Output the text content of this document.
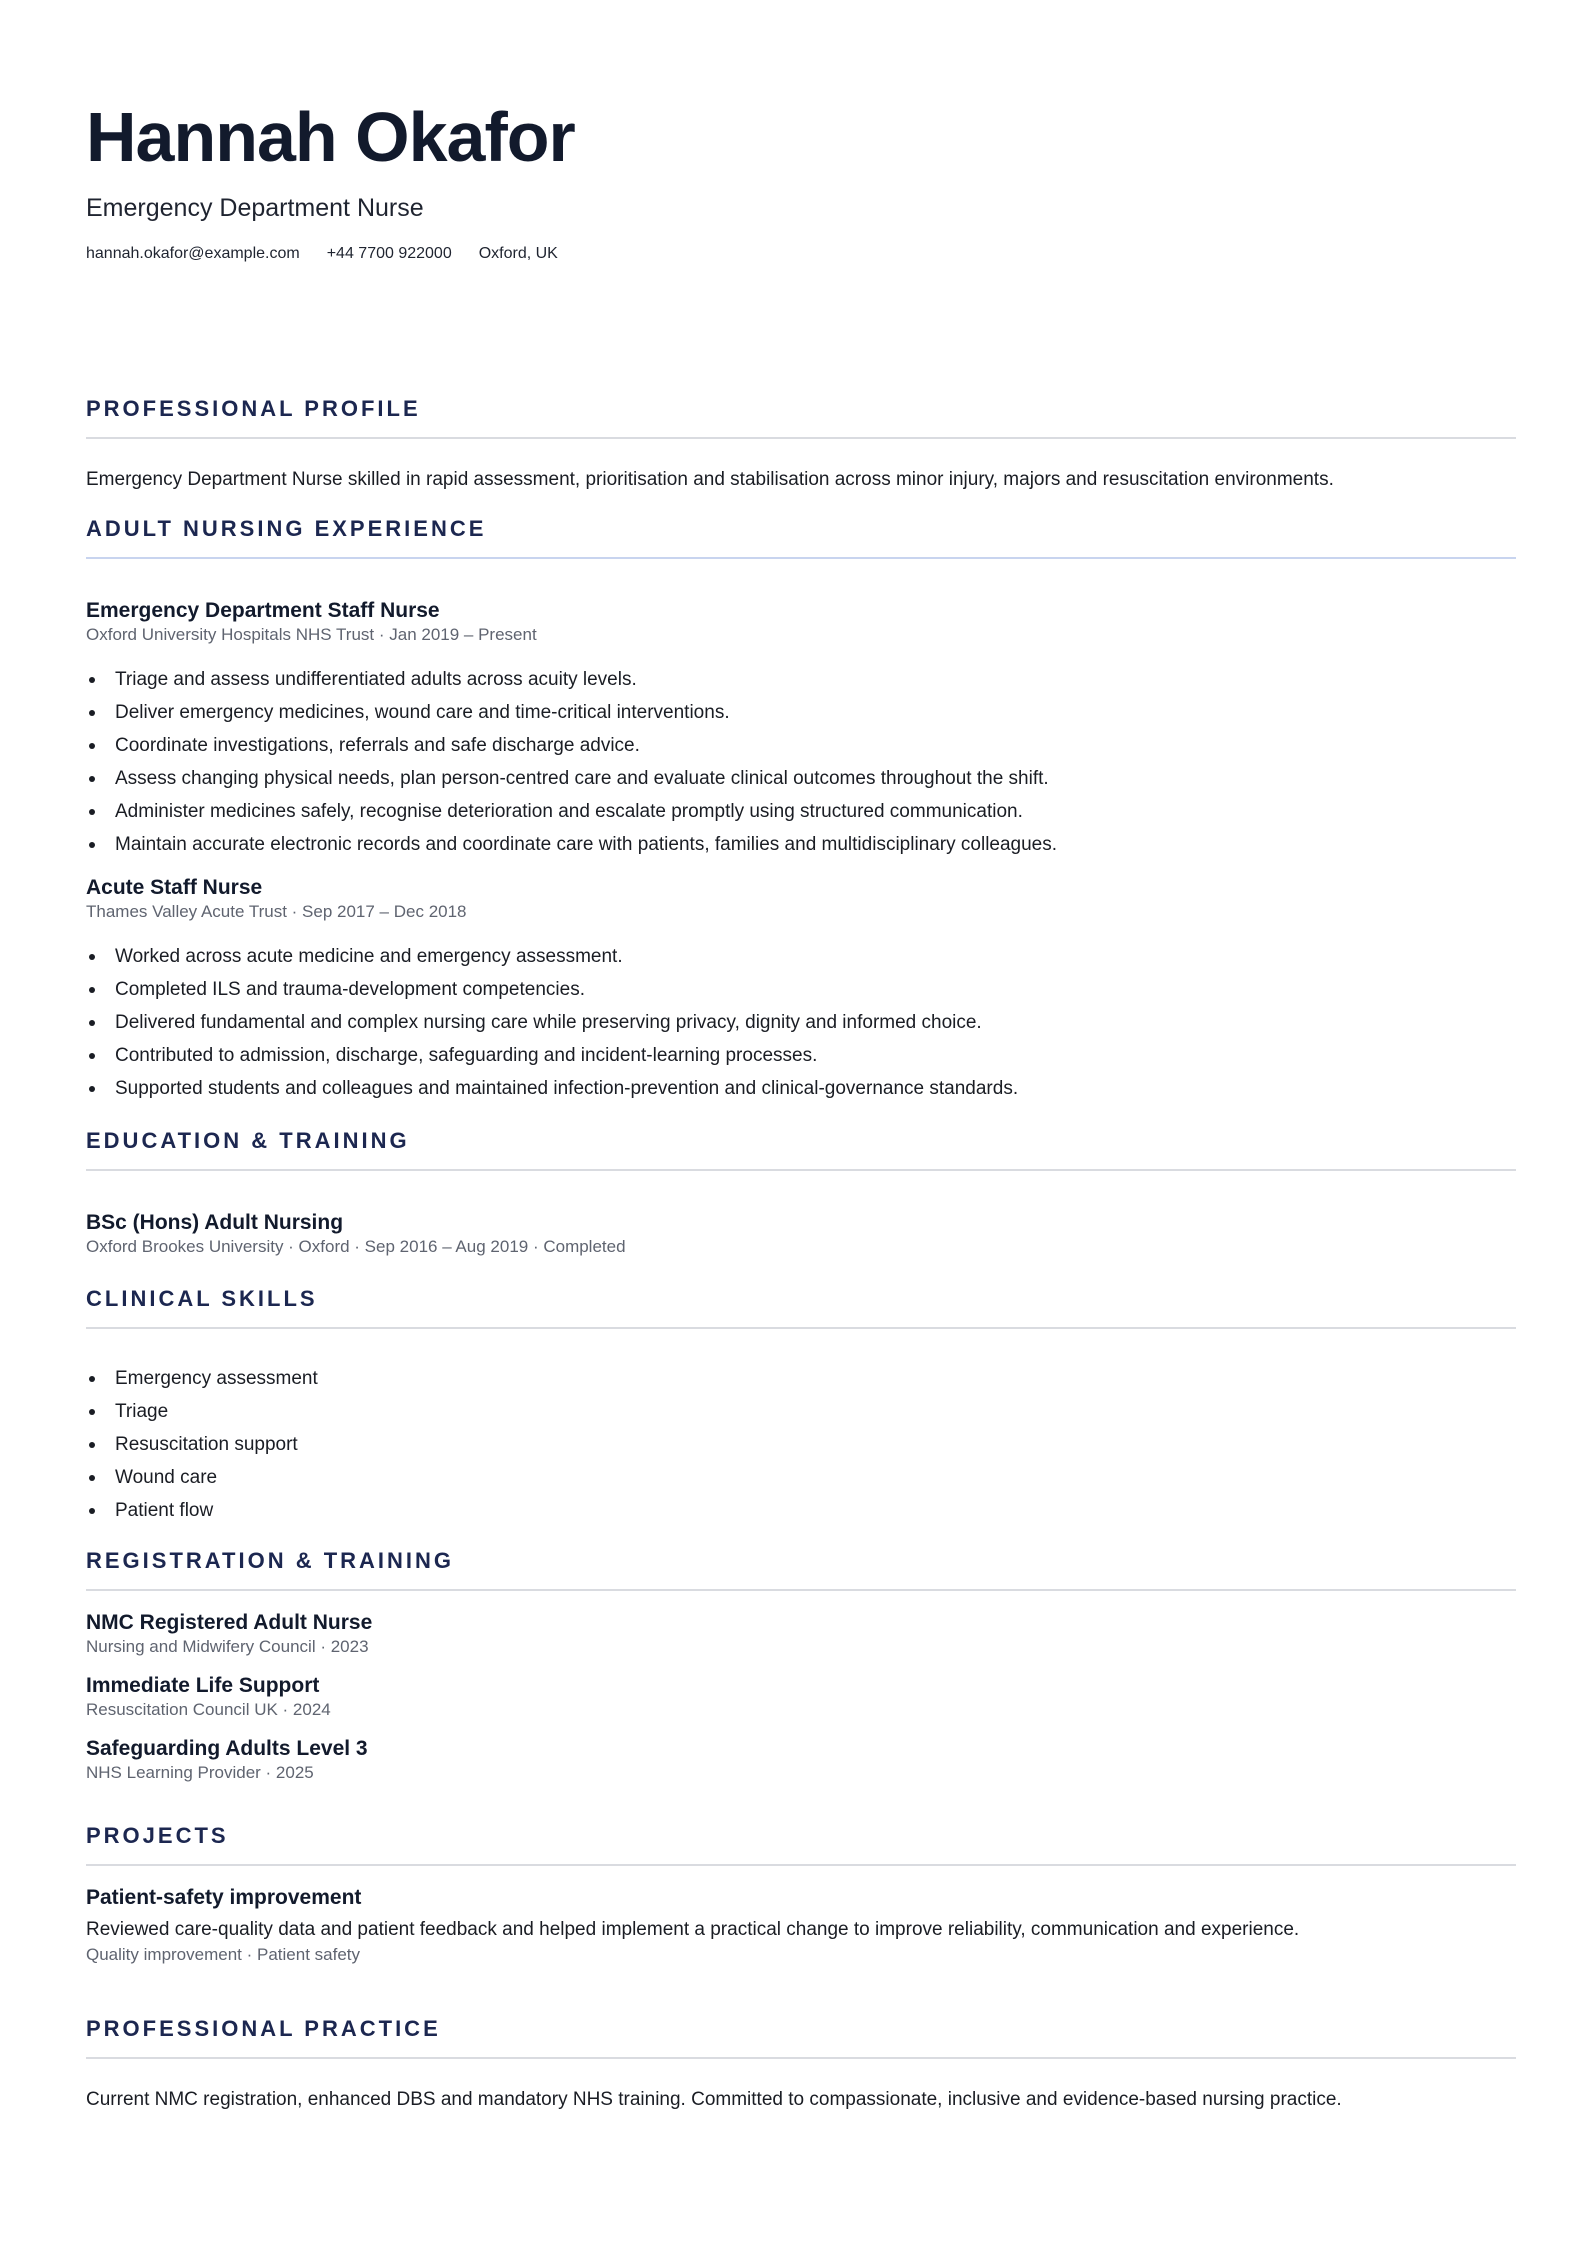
Hannah Okafor
Emergency Department Nurse
hannah.okafor@example.com +44 7700 922000 Oxford, UK
PROFESSIONAL PROFILE
Emergency Department Nurse skilled in rapid assessment, prioritisation and stabilisation across minor injury, majors and resuscitation environments.
ADULT NURSING EXPERIENCE
Emergency Department Staff Nurse
Oxford University Hospitals NHS Trust · Jan 2019 – Present
Triage and assess undifferentiated adults across acuity levels.
Deliver emergency medicines, wound care and time-critical interventions.
Coordinate investigations, referrals and safe discharge advice.
Assess changing physical needs, plan person-centred care and evaluate clinical outcomes throughout the shift.
Administer medicines safely, recognise deterioration and escalate promptly using structured communication.
Maintain accurate electronic records and coordinate care with patients, families and multidisciplinary colleagues.
Acute Staff Nurse
Thames Valley Acute Trust · Sep 2017 – Dec 2018
Worked across acute medicine and emergency assessment.
Completed ILS and trauma-development competencies.
Delivered fundamental and complex nursing care while preserving privacy, dignity and informed choice.
Contributed to admission, discharge, safeguarding and incident-learning processes.
Supported students and colleagues and maintained infection-prevention and clinical-governance standards.
EDUCATION & TRAINING
BSc (Hons) Adult Nursing
Oxford Brookes University · Oxford · Sep 2016 – Aug 2019 · Completed
CLINICAL SKILLS
Emergency assessment
Triage
Resuscitation support
Wound care
Patient flow
REGISTRATION & TRAINING
NMC Registered Adult Nurse
Nursing and Midwifery Council · 2023
Immediate Life Support
Resuscitation Council UK · 2024
Safeguarding Adults Level 3
NHS Learning Provider · 2025
PROJECTS
Patient-safety improvement
Reviewed care-quality data and patient feedback and helped implement a practical change to improve reliability, communication and experience.
Quality improvement · Patient safety
PROFESSIONAL PRACTICE
Current NMC registration, enhanced DBS and mandatory NHS training. Committed to compassionate, inclusive and evidence-based nursing practice.
